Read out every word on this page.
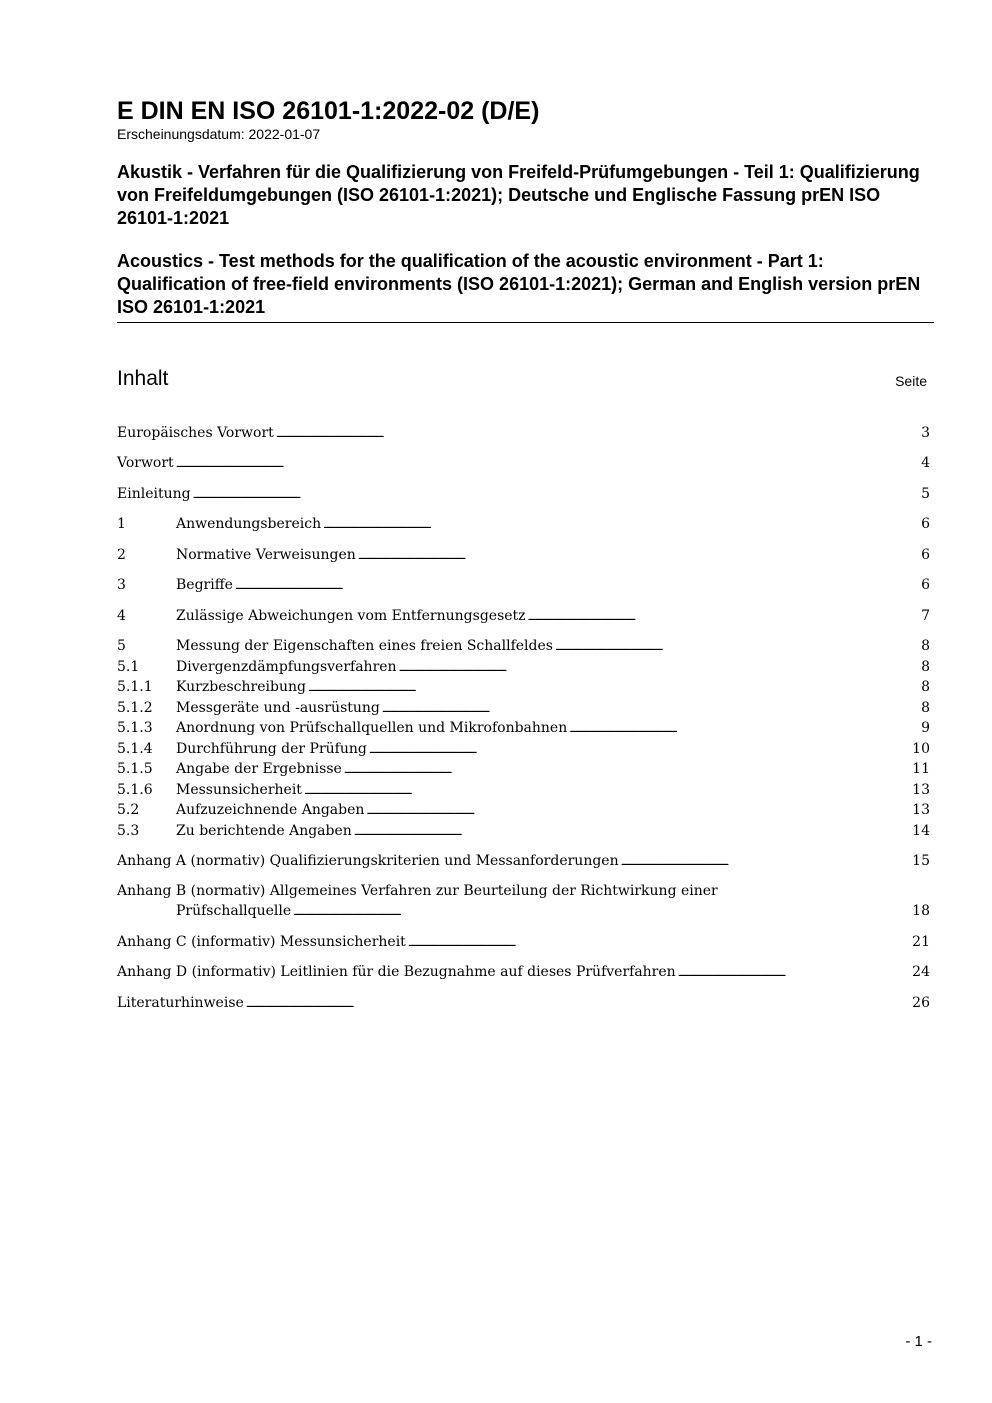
E DIN EN ISO 26101-1:2022-02 (D/E)

Erscheinungsdatum: 2022-01-07

Akustik - Verfahren für die Qualifizierung von Freifeld-Prüfumgebungen - Teil 1: Qualifizierung von Freifeldumgebungen (ISO 26101-1:2021); Deutsche und Englische Fassung prEN ISO 26101-1:2021
Acoustics - Test methods for the qualification of the acoustic environment - Part 1: Qualification of free-field environments (ISO 26101-1:2021); German and English version prEN ISO 26101-1:2021
Inhalt	Seite
Europäisches Vorwort . . .	3
Vorwort . . .	4
Einleitung . . .	5
1	Anwendungsbereich . . .	6
2	Normative Verweisungen . . .	6
3	Begriffe . . .	6
4	Zulässige Abweichungen vom Entfernungsgesetz . . .	7
5	Messung der Eigenschaften eines freien Schallfeldes . . .	8
5.1	Divergenzdämpfungsverfahren . . .	8
5.1.1	Kurzbeschreibung . . .	8
5.1.2	Messgeräte und -ausrüstung . . .	8
5.1.3	Anordnung von Prüfschallquellen und Mikrofonbahnen . . .	9
5.1.4	Durchführung der Prüfung . . .	10
5.1.5	Angabe der Ergebnisse . . .	11
5.1.6	Messunsicherheit . . .	13
5.2	Aufzuzeichnende Angaben . . .	13
5.3	Zu berichtende Angaben . . .	14
Anhang A (normativ) Qualifizierungskriterien und Messanforderungen . . .	15
Anhang B (normativ) Allgemeines Verfahren zur Beurteilung der Richtwirkung einer
Prüfschallquelle . . .	18
Anhang C (informativ) Messunsicherheit . . .	21
Anhang D (informativ) Leitlinien für die Bezugnahme auf dieses Prüfverfahren . . .	24
Literaturhinweise . . .	26
- 1 -
